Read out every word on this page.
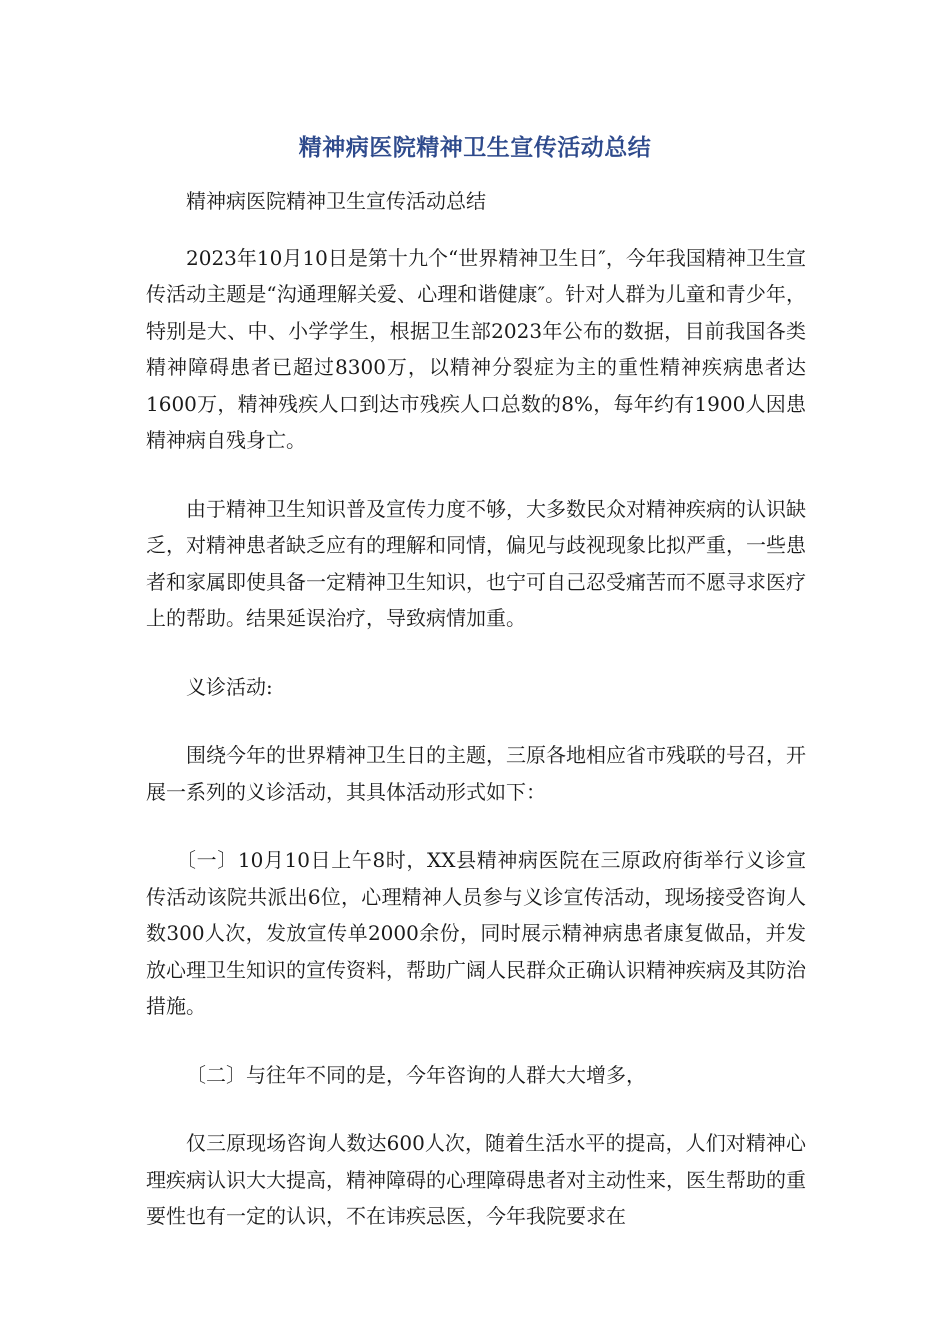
精神病医院精神卫生宣传活动总结

精神病医院精神卫生宣传活动总结

2023年10月10日是第十九个“世界精神卫生日″，今年我国精神卫生宣传活动主题是“沟通理解关爱、心理和谐健康″。针对人群为儿童和青少年，特别是大、中、小学学生，根据卫生部2023年公布的数据，目前我国各类精神障碍患者已超过8300万，以精神分裂症为主的重性精神疾病患者达1600万，精神残疾人口到达市残疾人口总数的8%，每年约有1900人因患精神病自残身亡。

由于精神卫生知识普及宣传力度不够，大多数民众对精神疾病的认识缺乏，对精神患者缺乏应有的理解和同情，偏见与歧视现象比拟严重，一些患者和家属即使具备一定精神卫生知识，也宁可自己忍受痛苦而不愿寻求医疗上的帮助。结果延误治疗，导致病情加重。

义诊活动:

围绕今年的世界精神卫生日的主题，三原各地相应省市残联的号召，开展一系列的义诊活动，其具体活动形式如下：

〔一〕10月10日上午8时，XX县精神病医院在三原政府街举行义诊宣传活动该院共派出6位，心理精神人员参与义诊宣传活动，现场接受咨询人数300人次，发放宣传单2000余份，同时展示精神病患者康复做品，并发放心理卫生知识的宣传资料，帮助广阔人民群众正确认识精神疾病及其防治措施。

〔二〕与往年不同的是，今年咨询的人群大大增多，

仅三原现场咨询人数达600人次，随着生活水平的提高，人们对精神心理疾病认识大大提高，精神障碍的心理障碍患者对主动性来，医生帮助的重要性也有一定的认识，不在讳疾忌医，今年我院要求在
